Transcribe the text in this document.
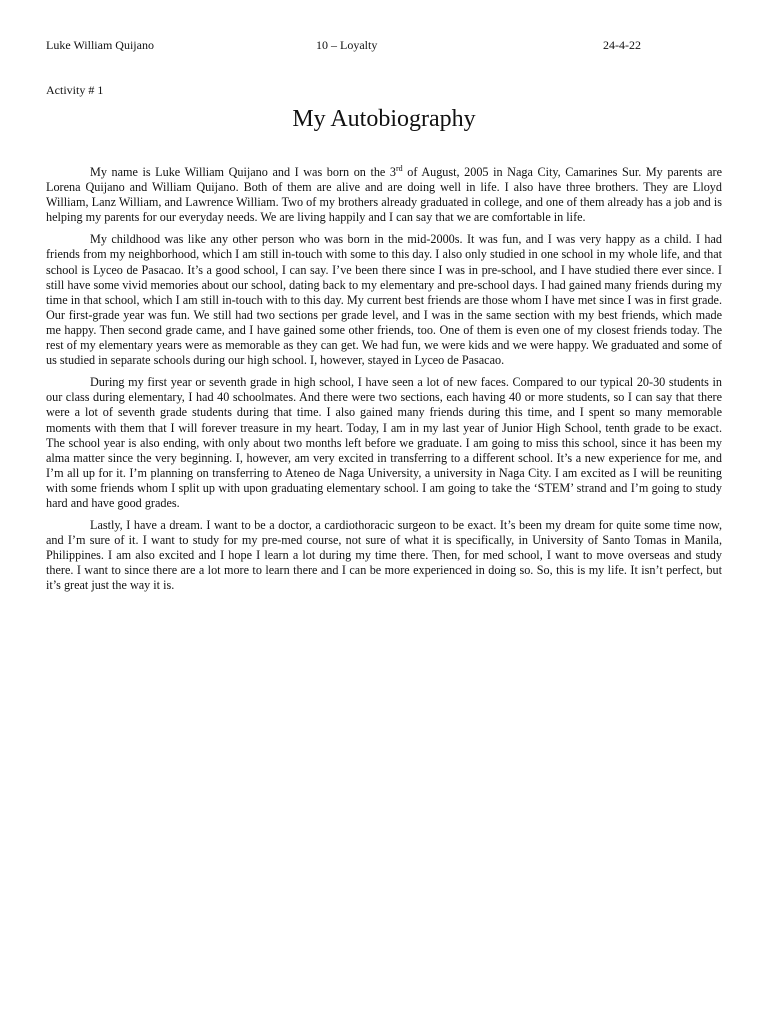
Luke William Quijano	10 – Loyalty	24-4-22
Activity # 1
My Autobiography

My name is Luke William Quijano and I was born on the 3rd of August, 2005 in Naga City, Camarines Sur. My parents are Lorena Quijano and William Quijano. Both of them are alive and are doing well in life. I also have three brothers. They are Lloyd William, Lanz William, and Lawrence William. Two of my brothers already graduated in college, and one of them already has a job and is helping my parents for our everyday needs. We are living happily and I can say that we are comfortable in life.

My childhood was like any other person who was born in the mid-2000s. It was fun, and I was very happy as a child. I had friends from my neighborhood, which I am still in-touch with some to this day. I also only studied in one school in my whole life, and that school is Lyceo de Pasacao. It’s a good school, I can say. I’ve been there since I was in pre-school, and I have studied there ever since. I still have some vivid memories about our school, dating back to my elementary and pre-school days. I had gained many friends during my time in that school, which I am still in-touch with to this day. My current best friends are those whom I have met since I was in first grade. Our first-grade year was fun. We still had two sections per grade level, and I was in the same section with my best friends, which made me happy. Then second grade came, and I have gained some other friends, too. One of them is even one of my closest friends today. The rest of my elementary years were as memorable as they can get. We had fun, we were kids and we were happy. We graduated and some of us studied in separate schools during our high school. I, however, stayed in Lyceo de Pasacao.

During my first year or seventh grade in high school, I have seen a lot of new faces. Compared to our typical 20-30 students in our class during elementary, I had 40 schoolmates. And there were two sections, each having 40 or more students, so I can say that there were a lot of seventh grade students during that time. I also gained many friends during this time, and I spent so many memorable moments with them that I will forever treasure in my heart. Today, I am in my last year of Junior High School, tenth grade to be exact. The school year is also ending, with only about two months left before we graduate. I am going to miss this school, since it has been my alma matter since the very beginning. I, however, am very excited in transferring to a different school. It’s a new experience for me, and I’m all up for it. I’m planning on transferring to Ateneo de Naga University, a university in Naga City. I am excited as I will be reuniting with some friends whom I split up with upon graduating elementary school. I am going to take the ‘STEM’ strand and I’m going to study hard and have good grades.

Lastly, I have a dream. I want to be a doctor, a cardiothoracic surgeon to be exact. It’s been my dream for quite some time now, and I’m sure of it. I want to study for my pre-med course, not sure of what it is specifically, in University of Santo Tomas in Manila, Philippines. I am also excited and I hope I learn a lot during my time there. Then, for med school, I want to move overseas and study there. I want to since there are a lot more to learn there and I can be more experienced in doing so. So, this is my life. It isn’t perfect, but it’s great just the way it is.
